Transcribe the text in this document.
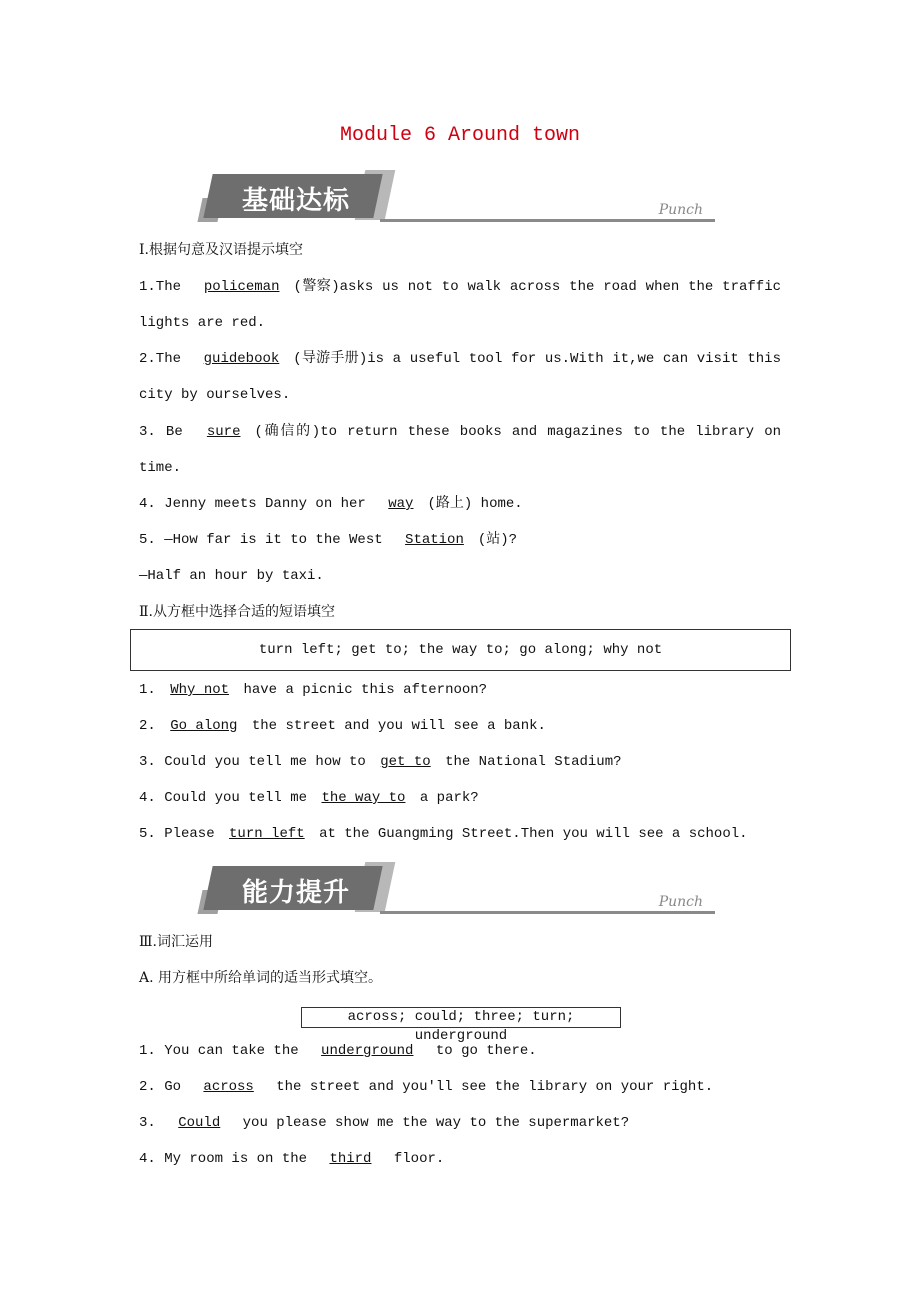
Module 6 Around town
基础达标	Punch
Ⅰ.根据句意及汉语提示填空
1.The policeman (警察)asks us not to walk across the road when the traffic
lights are red.
2.The guidebook (导游手册)is a useful tool for us.With it,we can visit this
city by ourselves.
3. Be sure (确信的)to return these books and magazines to the library on
time.
4. Jenny meets Danny on her way (路上) home.
5. —How far is it to the West Station (站)?
—Half an hour by taxi.
Ⅱ.从方框中选择合适的短语填空
turn left; get to; the way to; go along; why not
1. Why not have a picnic this afternoon?
2. Go along the street and you will see a bank.
3. Could you tell me how to get to the National Stadium?
4. Could you tell me the way to a park?
5. Please turn left at the Guangming Street.Then you will see a school.
能力提升	Punch
Ⅲ.词汇运用
A. 用方框中所给单词的适当形式填空。
across; could; three; turn; underground
1. You can take the underground to go there.
2. Go across the street and you'll see the library on your right.
3. Could you please show me the way to the supermarket?
4. My room is on the third floor.
